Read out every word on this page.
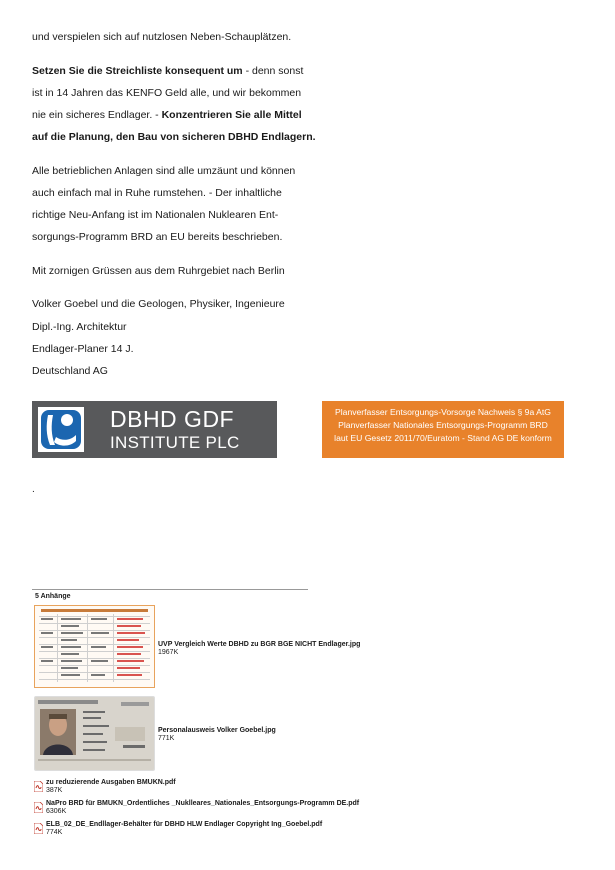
und verspielen sich auf nutzlosen Neben-Schauplätzen.
Setzen Sie die Streichliste konsequent um - denn sonst
ist in 14 Jahren das KENFO Geld alle, und wir bekommen
nie ein sicheres Endlager. - Konzentrieren Sie alle Mittel
auf die Planung, den Bau von sicheren DBHD Endlagern.
Alle betrieblichen Anlagen sind alle umzäunt und können
auch einfach mal in Ruhe rumstehen. - Der inhaltliche
richtige Neu-Anfang ist im Nationalen Nuklearen Ent-
sorgungs-Programm BRD an EU bereits beschrieben.
Mit zornigen Grüssen aus dem Ruhrgebiet nach Berlin
Volker Goebel und die Geologen, Physiker, Ingenieure
Dipl.-Ing. Architektur
Endlager-Planer 14 J.
Deutschland AG
DBHD GDF
INSTITUTE PLC
Planverfasser Entsorgungs-Vorsorge Nachweis § 9a AtG
Planverfasser Nationales Entsorgungs-Programm BRD
laut EU Gesetz 2011/70/Euratom - Stand AG DE konform
.
5 Anhänge
UVP Vergleich Werte DBHD zu BGR BGE NICHT Endlager.jpg
1967K
Personalausweis Volker Goebel.jpg
771K
zu reduzierende Ausgaben BMUKN.pdf
387K
NaPro BRD für BMUKN_Ordentliches _Nuklleares_Nationales_Entsorgungs-Programm DE.pdf
6306K
ELB_02_DE_Endllager-Behälter für DBHD HLW Endlager Copyright Ing_Goebel.pdf
774K
